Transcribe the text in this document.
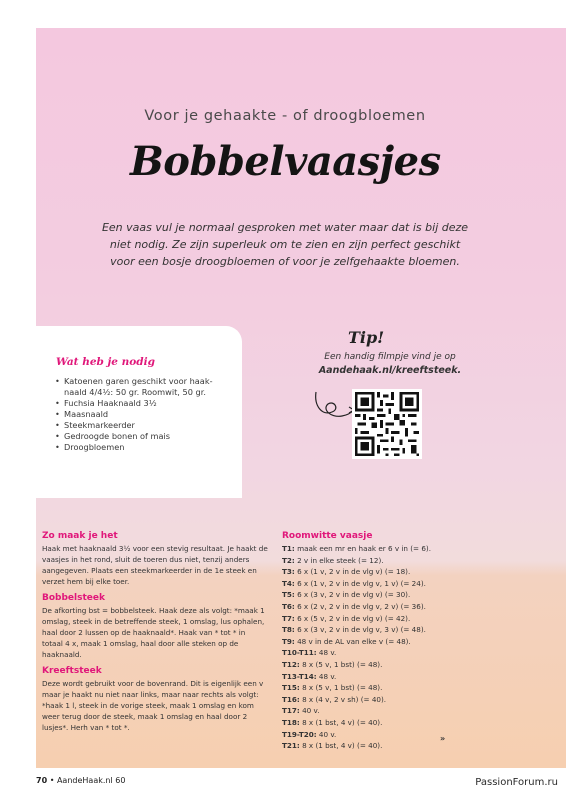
Voor je gehaakte - of droogbloemen
Bobbelvaasjes
Een vaas vul je normaal gesproken met water maar dat is bij deze niet nodig. Ze zijn superleuk om te zien en zijn perfect geschikt voor een bosje droogbloemen of voor je zelfgehaakte bloemen.
Wat heb je nodig
• Katoenen garen geschikt voor haak-naald 4/4½: 50 gr. Roomwit, 50 gr.
• Fuchsia Haaknaald 3½
• Maasnaald
• Steekmarkeerder
• Gedroogde bonen of mais
• Droogbloemen
Tip!
Een handig filmpje vind je op
Aandehaak.nl/kreeftsteek.

Zo maak je het

Haak met haaknaald 3½ voor een stevig resultaat. Je haakt de vaasjes in het rond, sluit de toeren dus niet, tenzij anders aangegeven. Plaats een steekmarkeerder in de 1e steek en verzet hem bij elke toer.

Bobbelsteek

De afkorting bst = bobbelsteek. Haak deze als volgt: *maak 1 omslag, steek in de betreffende steek, 1 omslag, lus ophalen, haal door 2 lussen op de haaknaald*. Haak van * tot * in totaal 4 x, maak 1 omslag, haal door alle steken op de haaknaald.

Kreeftsteek

Deze wordt gebruikt voor de bovenrand. Dit is eigenlijk een v maar je haakt nu niet naar links, maar naar rechts als volgt: *haak 1 l, steek in de vorige steek, maak 1 omslag en kom weer terug door de steek, maak 1 omslag en haal door 2 lusjes*. Herh van * tot *.

Roomwitte vaasje

T1: maak een mr en haak er 6 v in (= 6).
T2: 2 v in elke steek (= 12).
T3: 6 x (1 v, 2 v in de vlg v) (= 18).
T4: 6 x (1 v, 2 v in de vlg v, 1 v) (= 24).
T5: 6 x (3 v, 2 v in de vlg v) (= 30).
T6: 6 x (2 v, 2 v in de vlg v, 2 v) (= 36).
T7: 6 x (5 v, 2 v in de vlg v) (= 42).
T8: 6 x (3 v, 2 v in de vlg v, 3 v) (= 48).
T9: 48 v in de AL van elke v (= 48).
T10-T11: 48 v.
T12: 8 x (5 v, 1 bst) (= 48).
T13-T14: 48 v.
T15: 8 x (5 v, 1 bst) (= 48).
T16: 8 x (4 v, 2 v sh) (= 40).
T17: 40 v.
T18: 8 x (1 bst, 4 v) (= 40).
T19-T20: 40 v.
T21: 8 x (1 bst, 4 v) (= 40).
»
70 • AandeHaak.nl 60	PassionForum.ru
